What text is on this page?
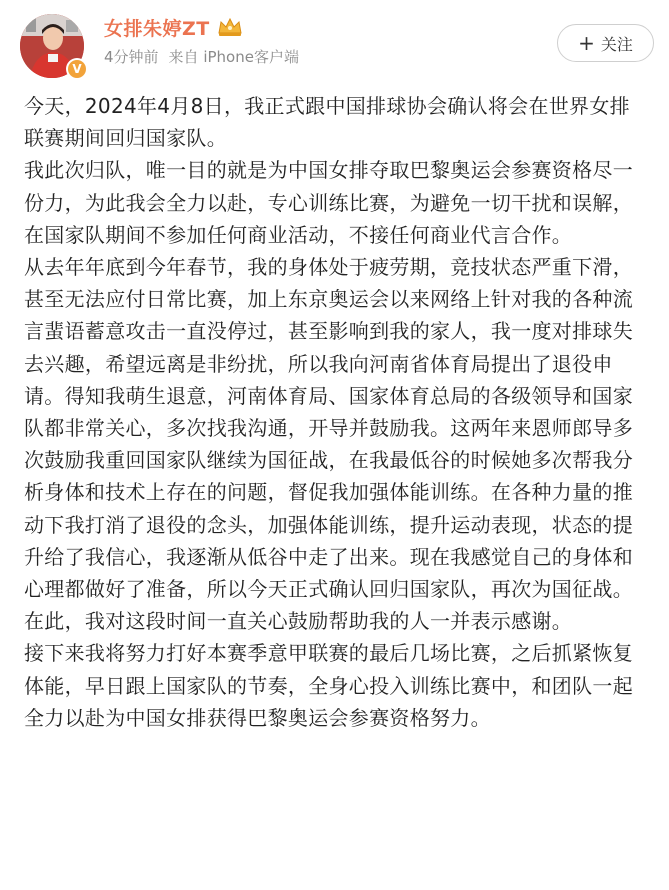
V
女排朱婷ZT
4分钟前 来自 iPhone客户端
+ 关注

今天，2024年4月8日，我正式跟中国排球协会确认将会在世界女排联赛期间回归国家队。

我此次归队，唯一目的就是为中国女排夺取巴黎奥运会参赛资格尽一份力，为此我会全力以赴，专心训练比赛，为避免一切干扰和误解，在国家队期间不参加任何商业活动，不接任何商业代言合作。

从去年年底到今年春节，我的身体处于疲劳期，竞技状态严重下滑，甚至无法应付日常比赛，加上东京奥运会以来网络上针对我的各种流言蜚语蓄意攻击一直没停过，甚至影响到我的家人，我一度对排球失去兴趣，希望远离是非纷扰，所以我向河南省体育局提出了退役申请。得知我萌生退意，河南体育局、国家体育总局的各级领导和国家队都非常关心，多次找我沟通，开导并鼓励我。这两年来恩师郎导多次鼓励我重回国家队继续为国征战，在我最低谷的时候她多次帮我分析身体和技术上存在的问题，督促我加强体能训练。在各种力量的推动下我打消了退役的念头，加强体能训练，提升运动表现，状态的提升给了我信心，我逐渐从低谷中走了出来。现在我感觉自己的身体和心理都做好了准备，所以今天正式确认回归国家队，再次为国征战。在此，我对这段时间一直关心鼓励帮助我的人一并表示感谢。

接下来我将努力打好本赛季意甲联赛的最后几场比赛，之后抓紧恢复体能，早日跟上国家队的节奏，全身心投入训练比赛中，和团队一起全力以赴为中国女排获得巴黎奥运会参赛资格努力。
